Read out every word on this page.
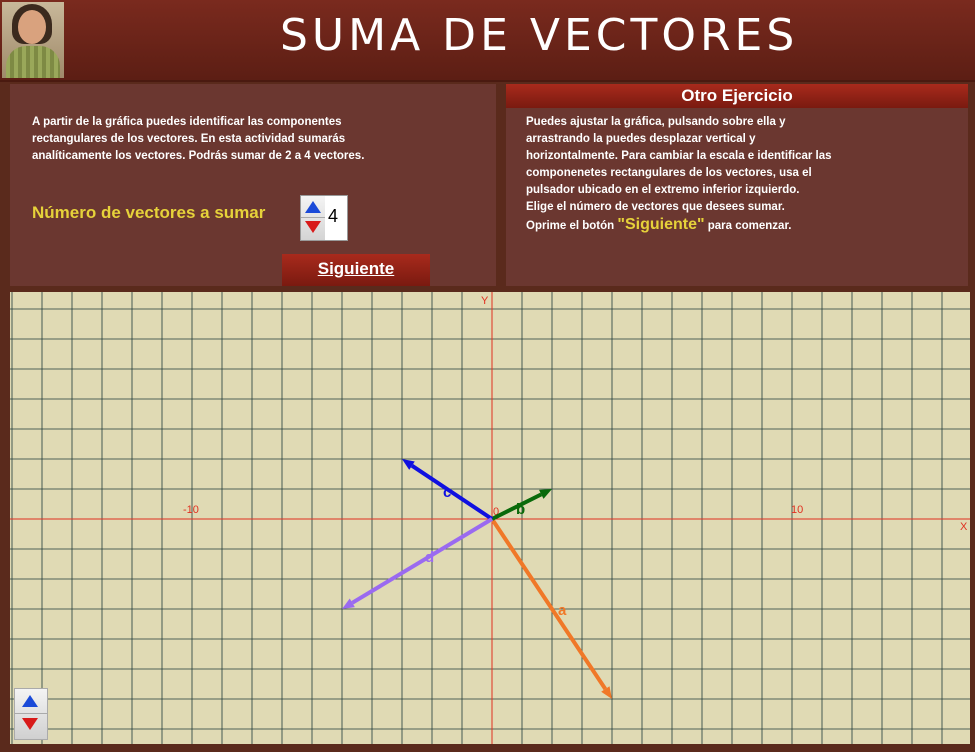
SUMA DE VECTORES
A partir de la gráfica puedes identificar las componentes rectangulares de los vectores. En esta actividad sumarás analíticamente los vectores. Podrás sumar de 2 a 4 vectores.
Número de vectores a sumar	4
Siguiente
Otro Ejercicio
Puedes ajustar la gráfica, pulsando sobre ella y arrastrando la puedes desplazar vertical y horizontalmente. Para cambiar la escala e identificar las componenetes rectangulares de los vectores, usa el pulsador ubicado en el extremo inferior izquierdo.
Elige el número de vectores que desees sumar.
Oprime el botón "Siguiente" para comenzar.
X
Y
0
-10	10
a
b
c
d
